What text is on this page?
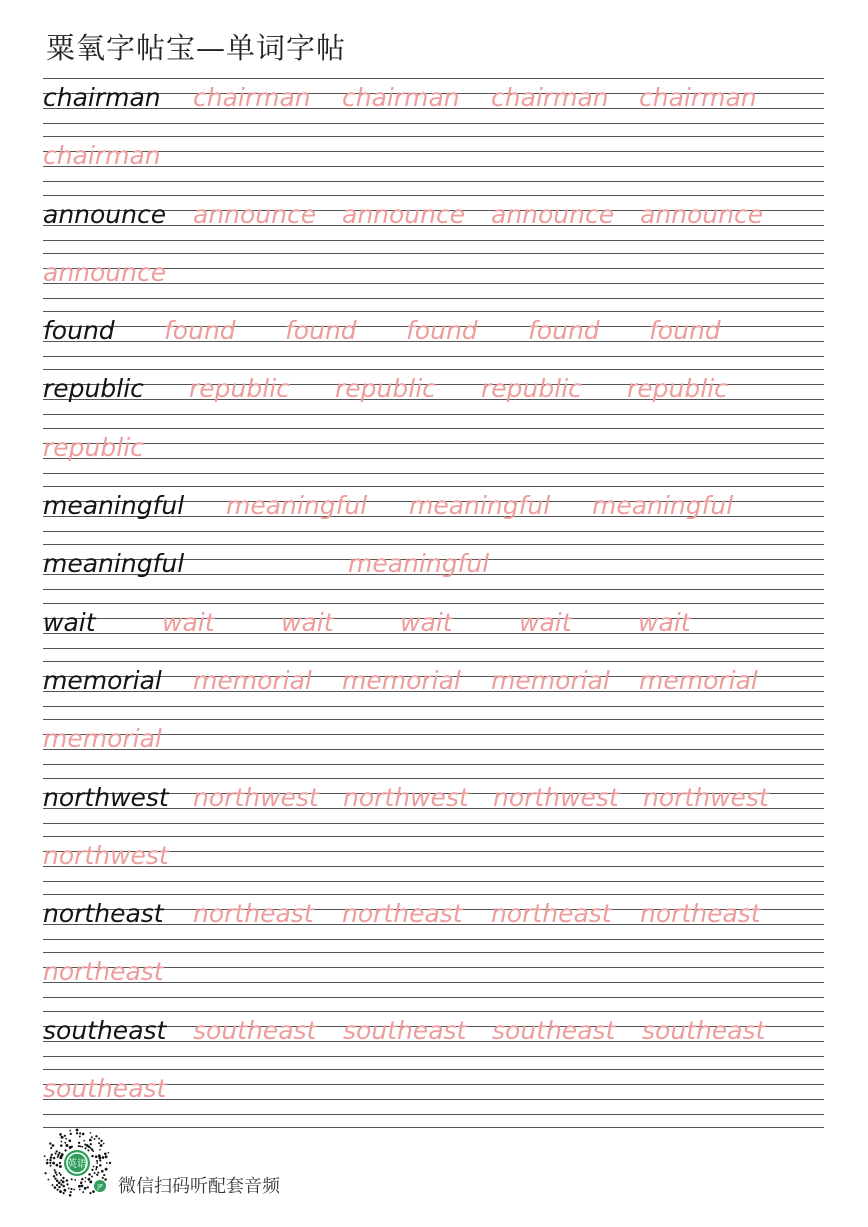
粟氧字帖宝—单词字帖
chairman chairman chairman chairman chairman
chairman
announce announce announce announce announce
announce
found found found found found found
republic republic republic republic republic
republic
meaningful meaningful meaningful meaningful
meaningful	meaningful
wait	wait	wait	wait	wait	wait
memorial memorial memorial memorial memorial
memorial
northwest northwest northwest northwest northwest
northwest
northeast northeast northeast northeast northeast
northeast
southeast southeast southeast southeast southeast
southeast
英语
JP 微信扫码听配套音频
